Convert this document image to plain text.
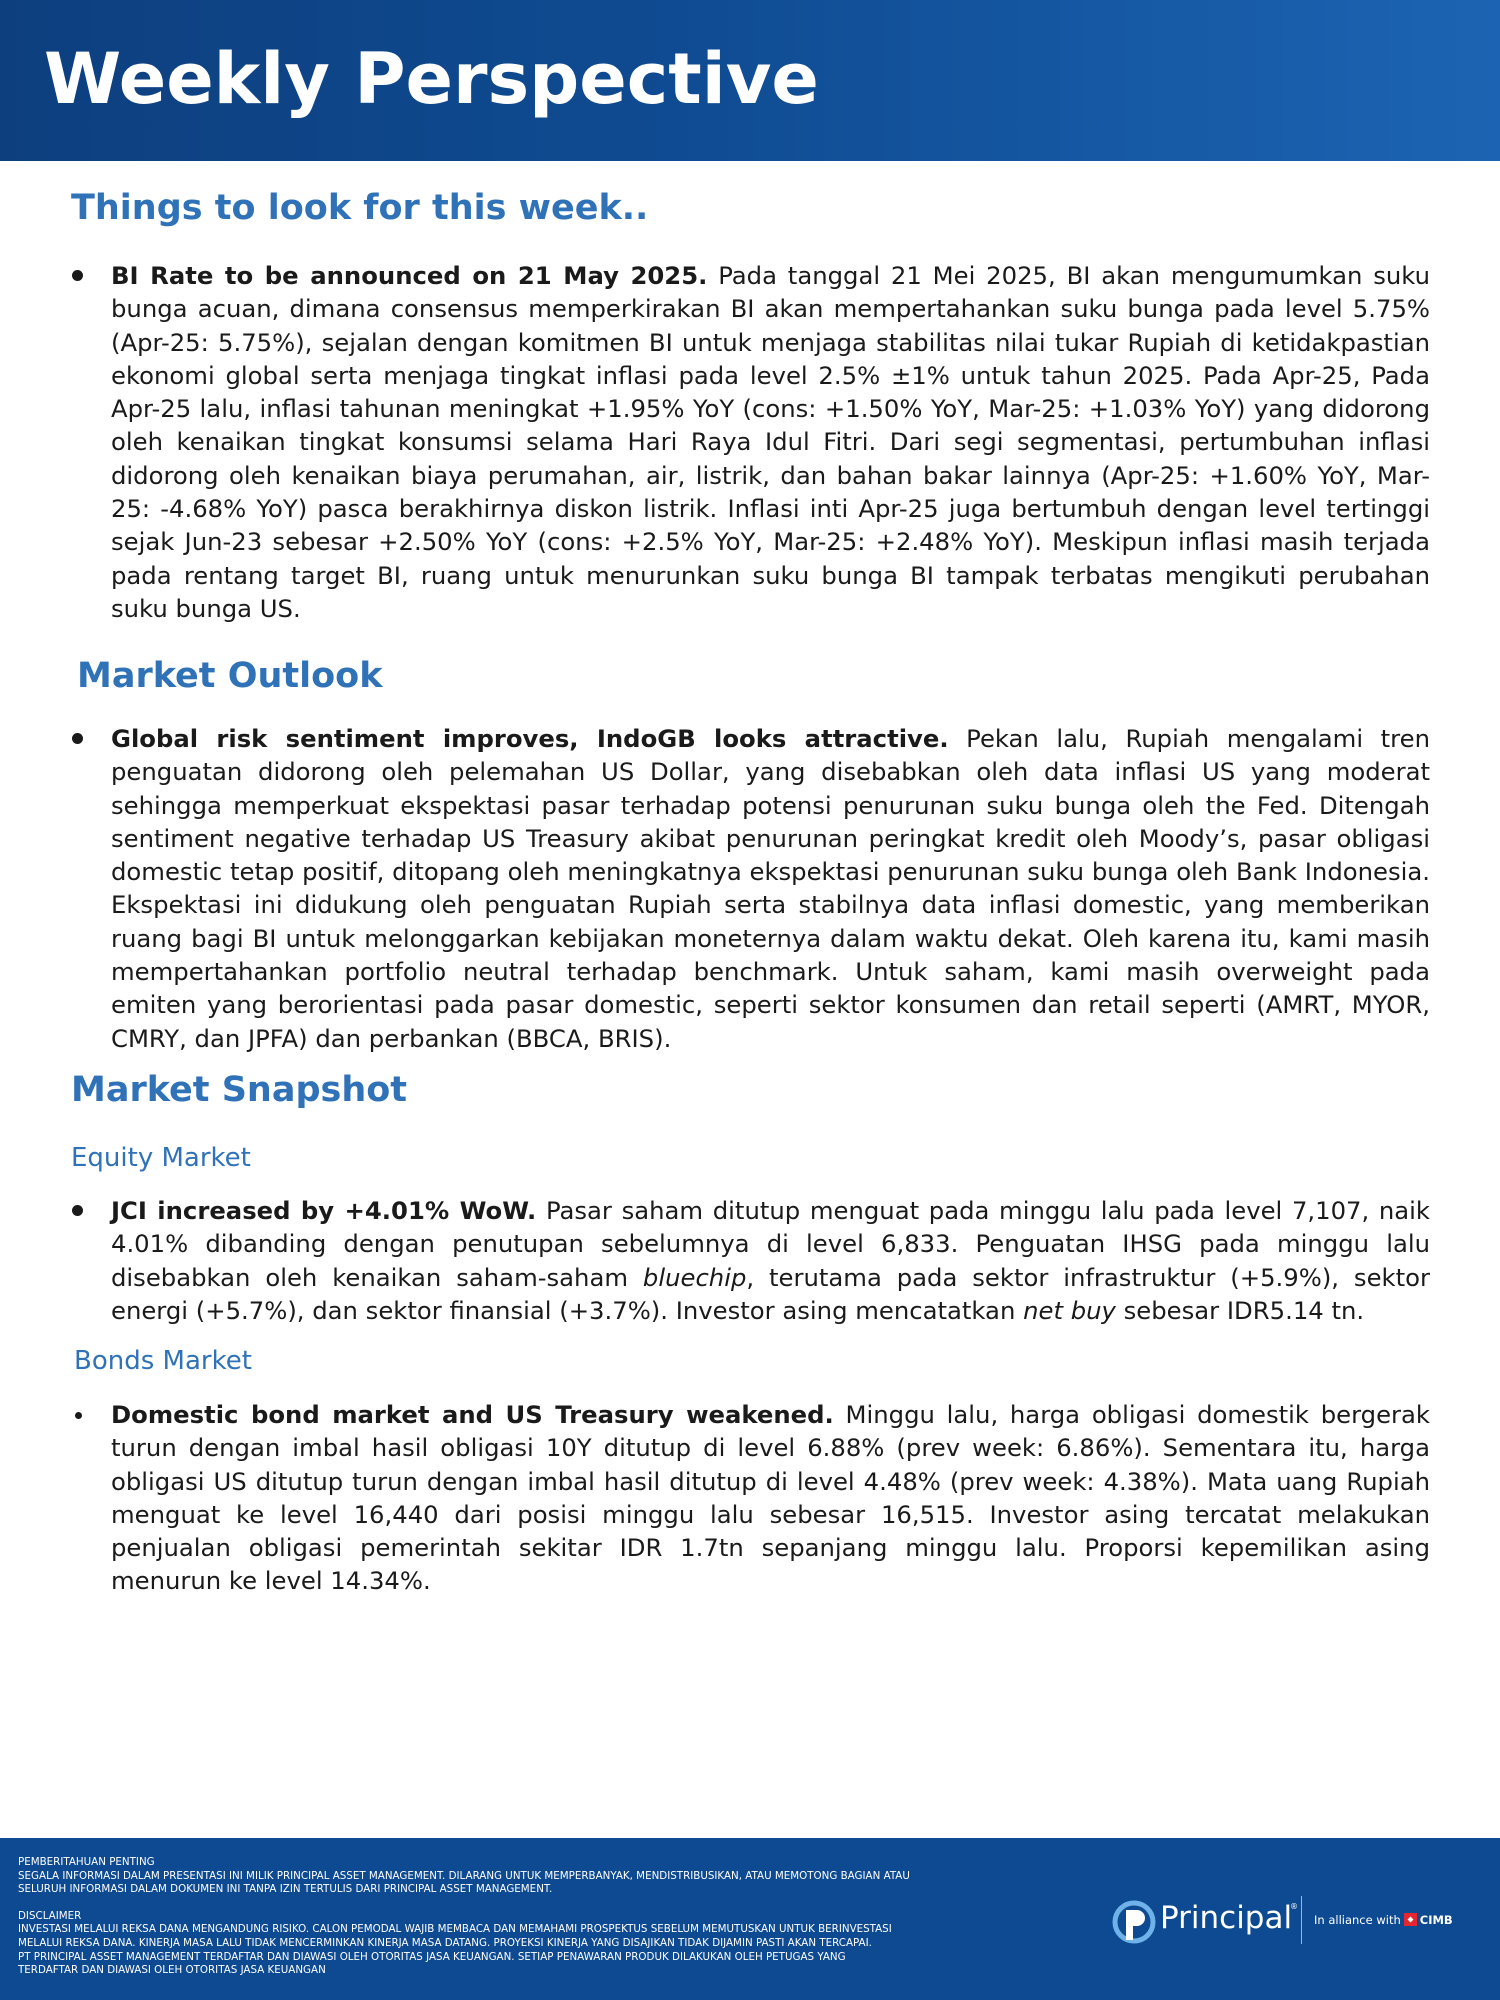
Weekly Perspective
Things to look for this week..

BI Rate to be announced on 21 May 2025. Pada tanggal 21 Mei 2025, BI akan mengumumkan suku bunga acuan, dimana consensus memperkirakan BI akan mempertahankan suku bunga pada level 5.75% (Apr-25: 5.75%), sejalan dengan komitmen BI untuk menjaga stabilitas nilai tukar Rupiah di ketidakpastian ekonomi global serta menjaga tingkat inflasi pada level 2.5% ±1% untuk tahun 2025. Pada Apr-25, Pada Apr-25 lalu, inflasi tahunan meningkat +1.95% YoY (cons: +1.50% YoY, Mar-25: +1.03% YoY) yang didorong oleh kenaikan tingkat konsumsi selama Hari Raya Idul Fitri. Dari segi segmentasi, pertumbuhan inflasi didorong oleh kenaikan biaya perumahan, air, listrik, dan bahan bakar lainnya (Apr-25: +1.60% YoY, Mar-25: -4.68% YoY) pasca berakhirnya diskon listrik. Inflasi inti Apr-25 juga bertumbuh dengan level tertinggi sejak Jun-23 sebesar +2.50% YoY (cons: +2.5% YoY, Mar-25: +2.48% YoY). Meskipun inflasi masih terjada pada rentang target BI, ruang untuk menurunkan suku bunga BI tampak terbatas mengikuti perubahan suku bunga US.

Market Outlook

Global risk sentiment improves, IndoGB looks attractive. Pekan lalu, Rupiah mengalami tren penguatan didorong oleh pelemahan US Dollar, yang disebabkan oleh data inflasi US yang moderat sehingga memperkuat ekspektasi pasar terhadap potensi penurunan suku bunga oleh the Fed. Ditengah sentiment negative terhadap US Treasury akibat penurunan peringkat kredit oleh Moody’s, pasar obligasi domestic tetap positif, ditopang oleh meningkatnya ekspektasi penurunan suku bunga oleh Bank Indonesia. Ekspektasi ini didukung oleh penguatan Rupiah serta stabilnya data inflasi domestic, yang memberikan ruang bagi BI untuk melonggarkan kebijakan moneternya dalam waktu dekat. Oleh karena itu, kami masih mempertahankan portfolio neutral terhadap benchmark. Untuk saham, kami masih overweight pada emiten yang berorientasi pada pasar domestic, seperti sektor konsumen dan retail seperti (AMRT, MYOR, CMRY, dan JPFA) dan perbankan (BBCA, BRIS).

Market Snapshot
Equity Market

JCI increased by +4.01% WoW. Pasar saham ditutup menguat pada minggu lalu pada level 7,107, naik 4.01% dibanding dengan penutupan sebelumnya di level 6,833. Penguatan IHSG pada minggu lalu disebabkan oleh kenaikan saham-saham bluechip, terutama pada sektor infrastruktur (+5.9%), sektor energi (+5.7%), dan sektor finansial (+3.7%). Investor asing mencatatkan net buy sebesar IDR5.14 tn.

Bonds Market

Domestic bond market and US Treasury weakened. Minggu lalu, harga obligasi domestik bergerak turun dengan imbal hasil obligasi 10Y ditutup di level 6.88% (prev week: 6.86%). Sementara itu, harga obligasi US ditutup turun dengan imbal hasil ditutup di level 4.48% (prev week: 4.38%). Mata uang Rupiah menguat ke level 16,440 dari posisi minggu lalu sebesar 16,515. Investor asing tercatat melakukan penjualan obligasi pemerintah sekitar IDR 1.7tn sepanjang minggu lalu. Proporsi kepemilikan asing menurun ke level 14.34%.

PEMBERITAHUAN PENTING
SEGALA INFORMASI DALAM PRESENTASI INI MILIK PRINCIPAL ASSET MANAGEMENT. DILARANG UNTUK MEMPERBANYAK, MENDISTRIBUSIKAN, ATAU MEMOTONG BAGIAN ATAU
SELURUH INFORMASI DALAM DOKUMEN INI TANPA IZIN TERTULIS DARI PRINCIPAL ASSET MANAGEMENT.
DISCLAIMER
INVESTASI MELALUI REKSA DANA MENGANDUNG RISIKO. CALON PEMODAL WAJIB MEMBACA DAN MEMAHAMI PROSPEKTUS SEBELUM MEMUTUSKAN UNTUK BERINVESTASI
MELALUI REKSA DANA. KINERJA MASA LALU TIDAK MENCERMINKAN KINERJA MASA DATANG. PROYEKSI KINERJA YANG DISAJIKAN TIDAK DIJAMIN PASTI AKAN TERCAPAI.
PT PRINCIPAL ASSET MANAGEMENT TERDAFTAR DAN DIAWASI OLEH OTORITAS JASA KEUANGAN. SETIAP PENAWARAN PRODUK DILAKUKAN OLEH PETUGAS YANG
TERDAFTAR DAN DIAWASI OLEH OTORITAS JASA KEUANGAN
Principal
®
In alliance with CIMB
